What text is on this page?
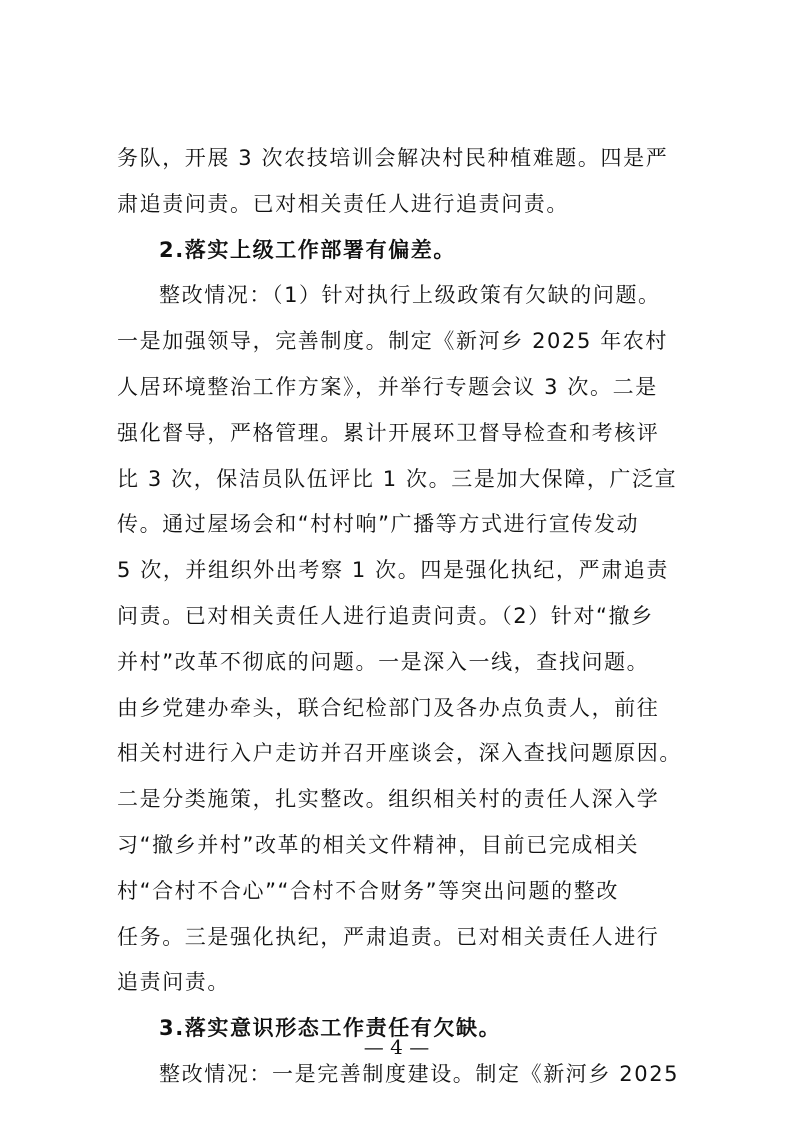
务队，开展 3 次农技培训会解决村民种植难题。四是严
肃追责问责。已对相关责任人进行追责问责。
2.落实上级工作部署有偏差。
整改情况：（1）针对执行上级政策有欠缺的问题。
一是加强领导，完善制度。制定《新河乡 2025 年农村
人居环境整治工作方案》，并举行专题会议 3 次。二是
强化督导，严格管理。累计开展环卫督导检查和考核评
比 3 次，保洁员队伍评比 1 次。三是加大保障，广泛宣
传。通过屋场会和“村村响”广播等方式进行宣传发动
5 次，并组织外出考察 1 次。四是强化执纪，严肃追责
问责。已对相关责任人进行追责问责。（2）针对“撤乡
并村”改革不彻底的问题。一是深入一线，查找问题。
由乡党建办牵头，联合纪检部门及各办点负责人，前往
相关村进行入户走访并召开座谈会，深入查找问题原因。
二是分类施策，扎实整改。组织相关村的责任人深入学
习“撤乡并村”改革的相关文件精神，目前已完成相关
村“合村不合心”“合村不合财务”等突出问题的整改
任务。三是强化执纪，严肃追责。已对相关责任人进行
追责问责。
3.落实意识形态工作责任有欠缺。
整改情况：一是完善制度建设。制定《新河乡 2025
— 4 —
